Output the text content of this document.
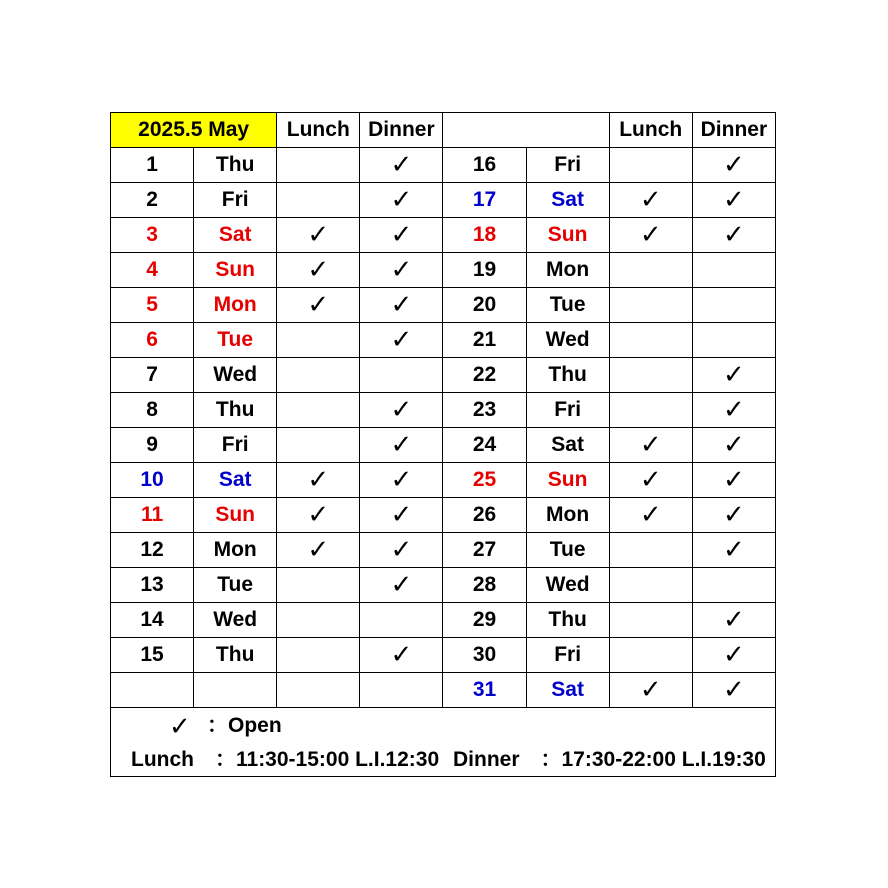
2025.5 May		Lunch	Dinner			Lunch	Dinner
1	Thu		✓	16	Fri		✓
2	Fri		✓	17	Sat	✓	✓
3	Sat	✓	✓	18	Sun	✓	✓
4	Sun	✓	✓	19	Mon		
5	Mon	✓	✓	20	Tue		
6	Tue		✓	21	Wed		
7	Wed			22	Thu		✓
8	Thu		✓	23	Fri		✓
9	Fri		✓	24	Sat	✓	✓
10	Sat	✓	✓	25	Sun	✓	✓
11	Sun	✓	✓	26	Mon	✓	✓
12	Mon	✓	✓	27	Tue		✓
13	Tue		✓	28	Wed		
14	Wed			29	Thu		✓
15	Thu		✓	30	Fri		✓
				31	Sat	✓	✓

✓ ：Open
Lunch　：11:30-15:00 L.I.12:30 Dinner　：17:30-22:00 L.I.19:30							
